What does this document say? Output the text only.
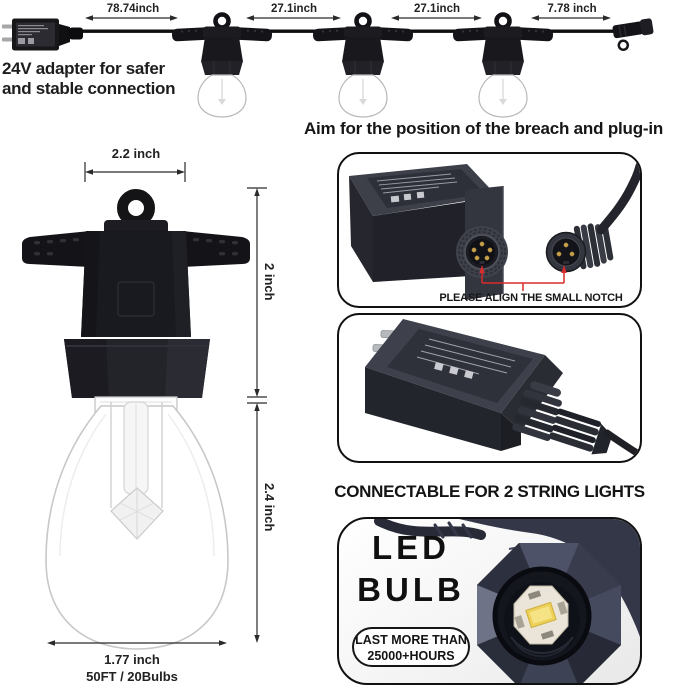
78.74inch	27.1inch	27.1inch	7.78 inch
24V adapter for safer
and stable connection
2.2 inch
2 inch
2.4 inch
1.77 inch
50FT / 20Bulbs
Aim for the position of the breach and plug-in
PLEASE ALIGN THE SMALL NOTCH
CONNECTABLE FOR 2 STRING LIGHTS
LED
BULB
LAST MORE THAN
25000+HOURS
